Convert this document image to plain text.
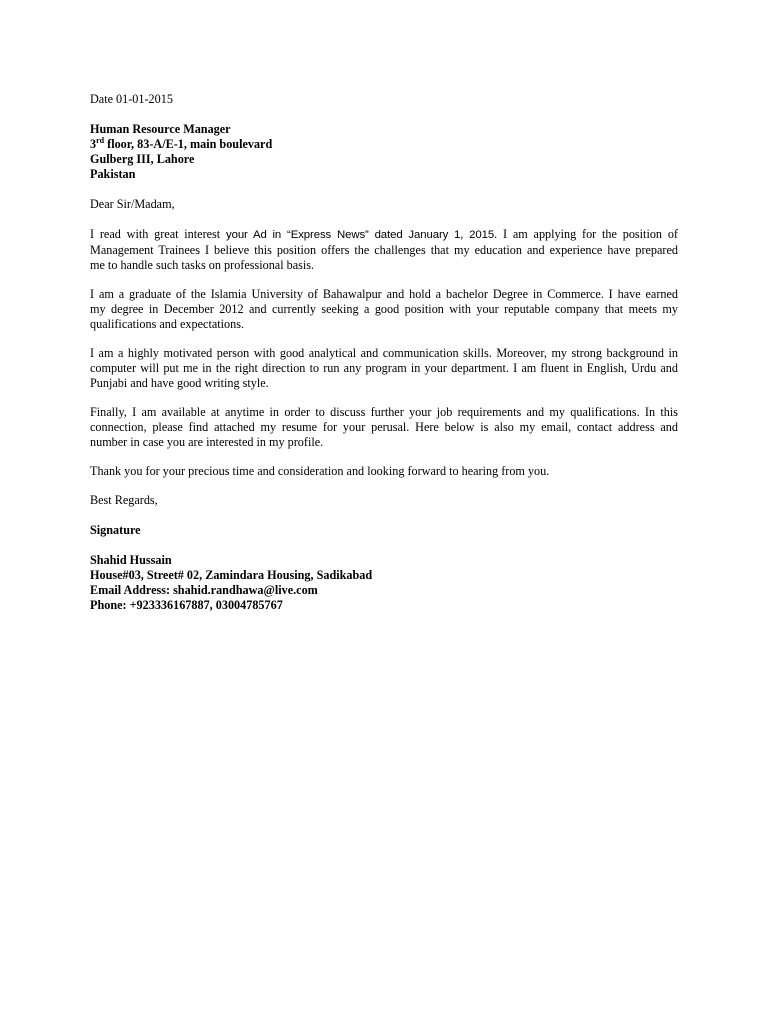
Date 01-01-2015
Human Resource Manager
3rd floor, 83-A/E-1, main boulevard
Gulberg III, Lahore
Pakistan
Dear Sir/Madam,
I read with great interest your Ad in “Express News” dated January 1, 2015. I am applying for the position of
Management Trainees I believe this position offers the challenges that my education and experience have prepared
me to handle such tasks on professional basis.
I am a graduate of the Islamia University of Bahawalpur and hold a bachelor Degree in Commerce. I have earned
my degree in December 2012 and currently seeking a good position with your reputable company that meets my
qualifications and expectations.
I am a highly motivated person with good analytical and communication skills. Moreover, my strong background in
computer will put me in the right direction to run any program in your department. I am fluent in English, Urdu and
Punjabi and have good writing style.
Finally, I am available at anytime in order to discuss further your job requirements and my qualifications. In this
connection, please find attached my resume for your perusal. Here below is also my email, contact address and
number in case you are interested in my profile.
Thank you for your precious time and consideration and looking forward to hearing from you.
Best Regards,
Signature
Shahid Hussain
House#03, Street# 02, Zamindara Housing, Sadikabad
Email Address: shahid.randhawa@live.com
Phone: +923336167887, 03004785767
